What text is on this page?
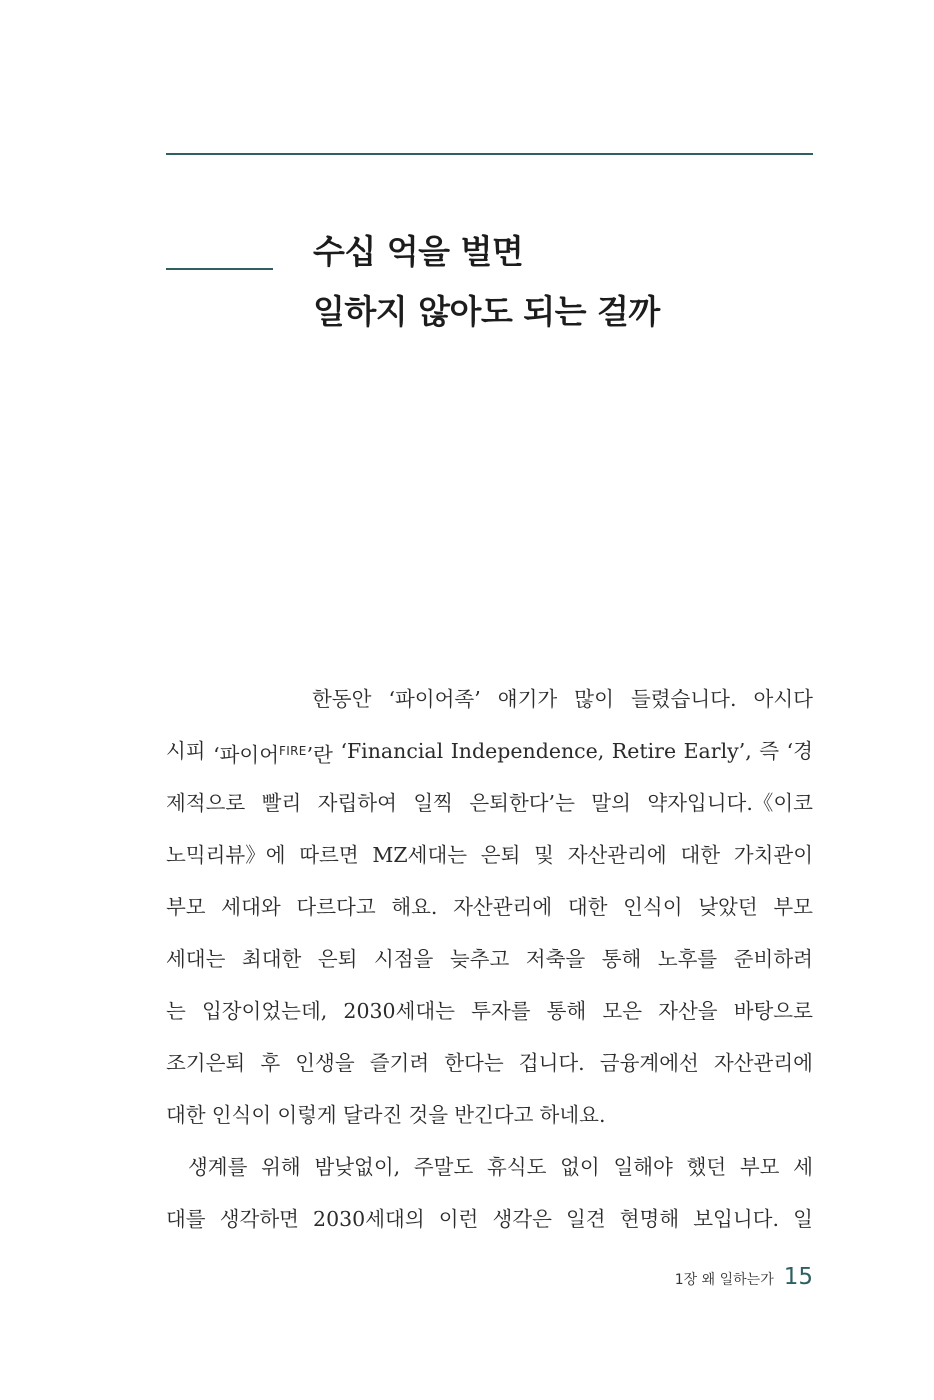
수십 억을 벌면
일하지 않아도 되는 걸까
한동안 ‘파이어족’ 얘기가 많이 들렸습니다. 아시다
시피 ‘파이어$^{FIRE}$’란 ‘Financial Independence, Retire Early’, 즉 ‘경
제적으로 빨리 자립하여 일찍 은퇴한다’는 말의 약자입니다.《이코
노믹리뷰》에 따르면 MZ세대는 은퇴 및 자산관리에 대한 가치관이
부모 세대와 다르다고 해요. 자산관리에 대한 인식이 낮았던 부모
세대는 최대한 은퇴 시점을 늦추고 저축을 통해 노후를 준비하려
는 입장이었는데, 2030세대는 투자를 통해 모은 자산을 바탕으로
조기은퇴 후 인생을 즐기려 한다는 겁니다. 금융계에선 자산관리에
대한 인식이 이렇게 달라진 것을 반긴다고 하네요.
생계를 위해 밤낮없이, 주말도 휴식도 없이 일해야 했던 부모 세
대를 생각하면 2030세대의 이런 생각은 일견 현명해 보입니다. 일
1장 왜 일하는가 15
